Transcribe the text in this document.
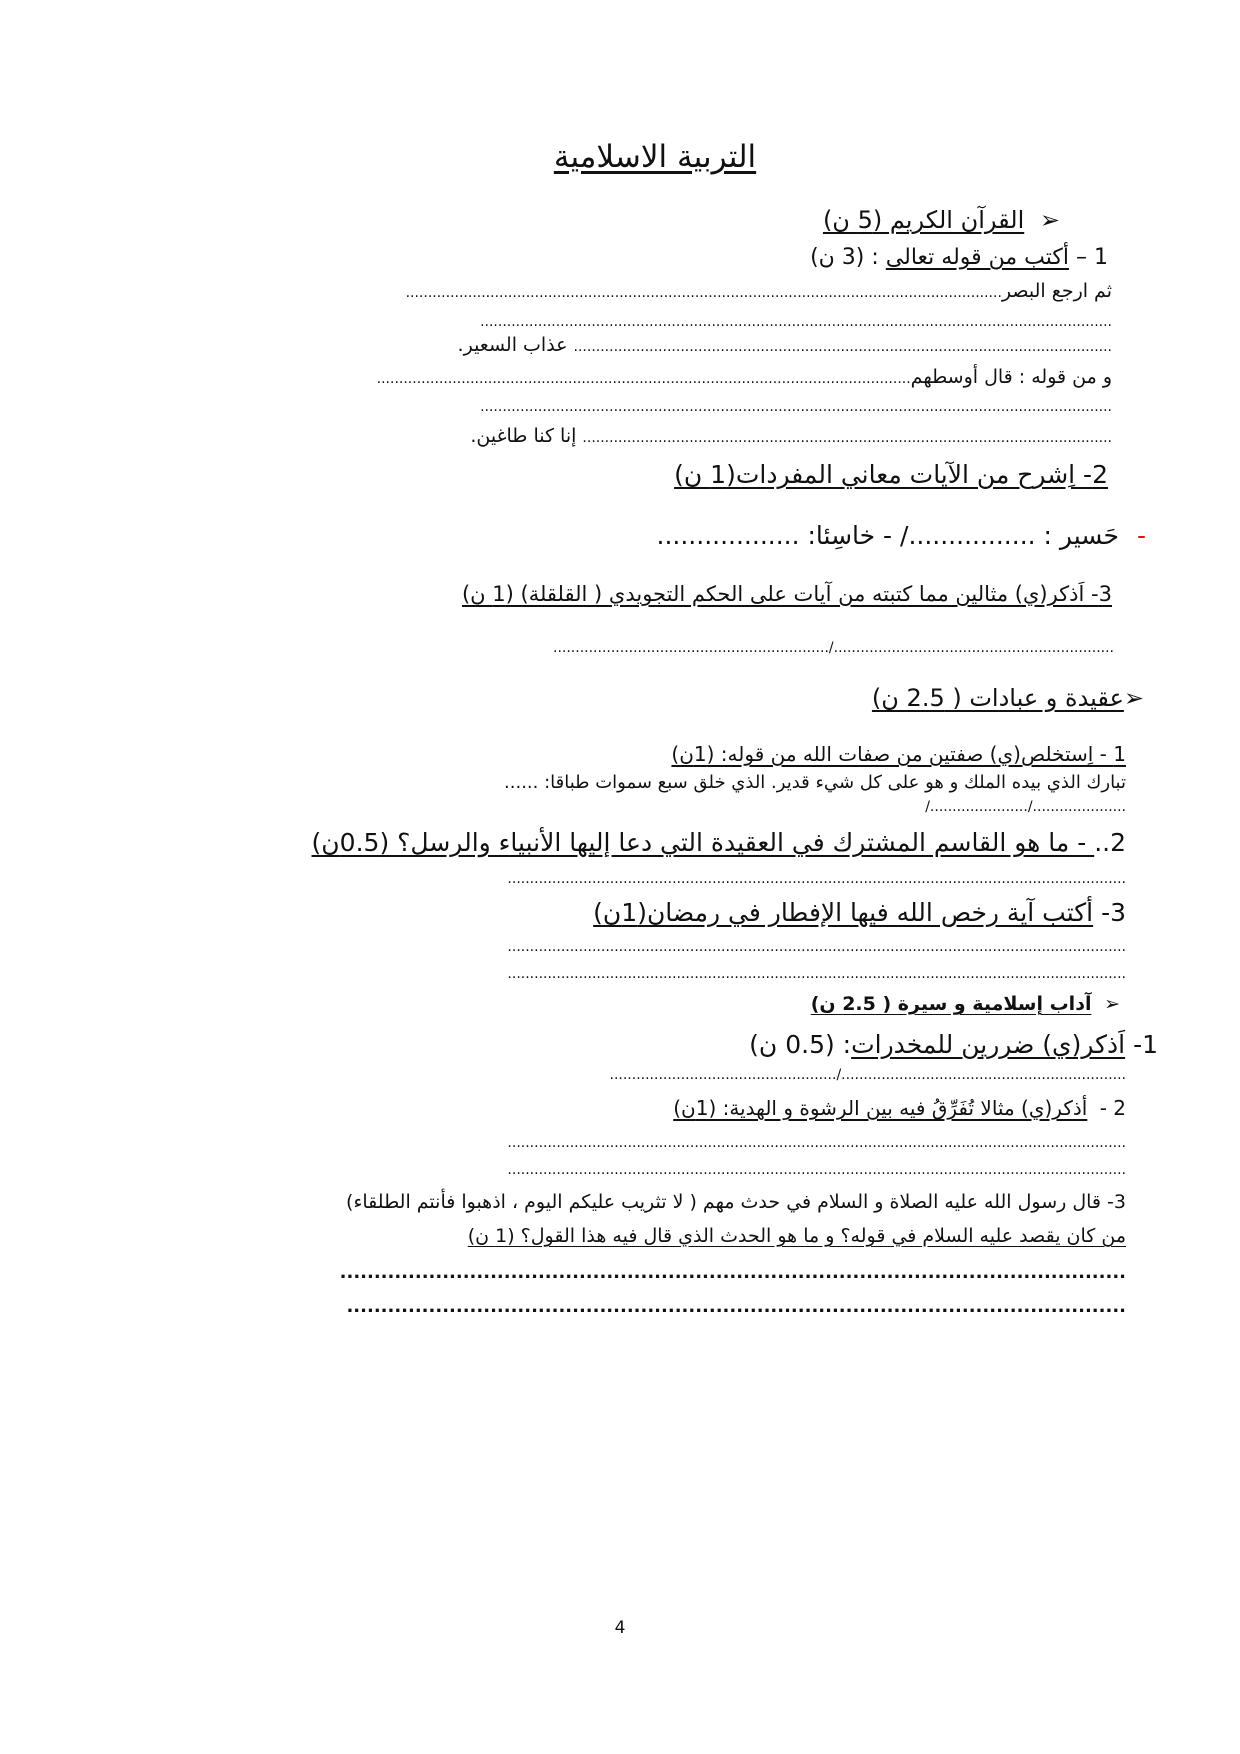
التربية الاسلامية
➢ القرآن الكريم (5 ن)
1 – أكتب من قوله تعالى : (3 ن)
ثم ارجع البصر......................................................................................................................................
..............................................................................................................................................
.........................................................................................................................عذاب السعير.
و من قوله : قال أوسطهم........................................................................................................................
..............................................................................................................................................
.......................................................................................................................إنا كنا طاغين.
2- اِشرح من الآيات معاني المفردات(1 ن)
- حَسير : ................/ - خاسِئا: ..................
3- اَذكر(ي) مثالين مما كتبته من آيات على الحكم التجويدي ( القلقلة) (1 ن)
.............................................................../..............................................................
➢عقيدة و عبادات ( 2.5 ن)
1 - اِستخلص(ي) صفتين من صفات الله من قوله: (1ن)
تبارك الذي بيده الملك و هو على كل شيء قدير. الذي خلق سبع سموات طباقا: ......
...................../....................../
2.. - ما هو القاسم المشترك في العقيدة التي دعا إليها الأنبياء والرسل؟ (0.5ن)
...........................................................................................................................................
3- أكتب آية رخص الله فيها الإفطار في رمضان(1ن)
...........................................................................................................................................
...........................................................................................................................................
➢ آداب إسلامية و سيرة ( 2.5 ن)
1- اَذكر(ي) ضررين للمخدرات: (0.5 ن)
................................................................/...................................................
2 - أذكر(ي) مثالا تُفَرِّقُ فيه بين الرشوة و الهدية: (1ن)
...........................................................................................................................................
...........................................................................................................................................
3- قال رسول الله عليه الصلاة و السلام في حدث مهم ( لا تثريب عليكم اليوم ، اذهبوا فأنتم الطلقاء)
من كان يقصد عليه السلام في قوله؟ و ما هو الحدث الذي قال فيه هذا القول؟ (1 ن)
...................................................................................................................
..................................................................................................................
4
